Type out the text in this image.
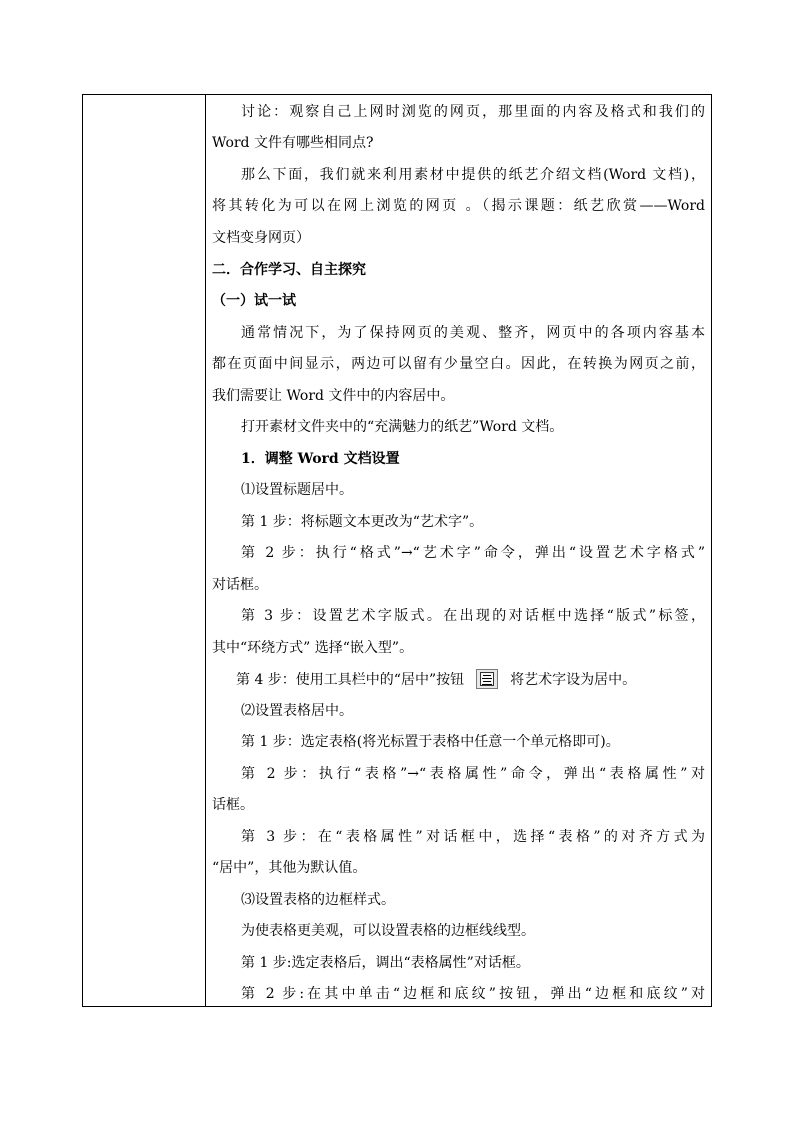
讨论：观察自己上网时浏览的网页，那里面的内容及格式和我们的
Word 文件有哪些相同点?
那么下面，我们就来利用素材中提供的纸艺介绍文档(Word 文档)，
将其转化为可以在网上浏览的网页 。（揭示课题：纸艺欣赏——Word
文档变身网页）
二．合作学习、自主探究
（一）试一试
通常情况下，为了保持网页的美观、整齐，网页中的各项内容基本
都在页面中间显示，两边可以留有少量空白。因此，在转换为网页之前，
我们需要让 Word 文件中的内容居中。
打开素材文件夹中的“充满魅力的纸艺”Word 文档。
1．调整 Word 文档设置
⑴设置标题居中。
第 1 步：将标题文本更改为“艺术字”。
第 2 步：执行“格式”→“艺术字”命令，弹出“设置艺术字格式”
对话框。
第 3 步：设置艺术字版式。在出现的对话框中选择“版式”标签，
其中“环绕方式” 选择“嵌入型”。
第 4 步：使用工具栏中的“居中”按钮	将艺术字设为居中。
⑵设置表格居中。
第 1 步：选定表格(将光标置于表格中任意一个单元格即可)。
第 2 步：执行“表格”→“表格属性”命令，弹出“表格属性”对
话框。
第 3 步：在“表格属性”对话框中，选择“表格”的对齐方式为
“居中”，其他为默认值。
⑶设置表格的边框样式。
为使表格更美观，可以设置表格的边框线线型。
第 1 步:选定表格后，调出“表格属性”对话框。
第 2 步:在其中单击“边框和底纹”按钮，弹出“边框和底纹”对
